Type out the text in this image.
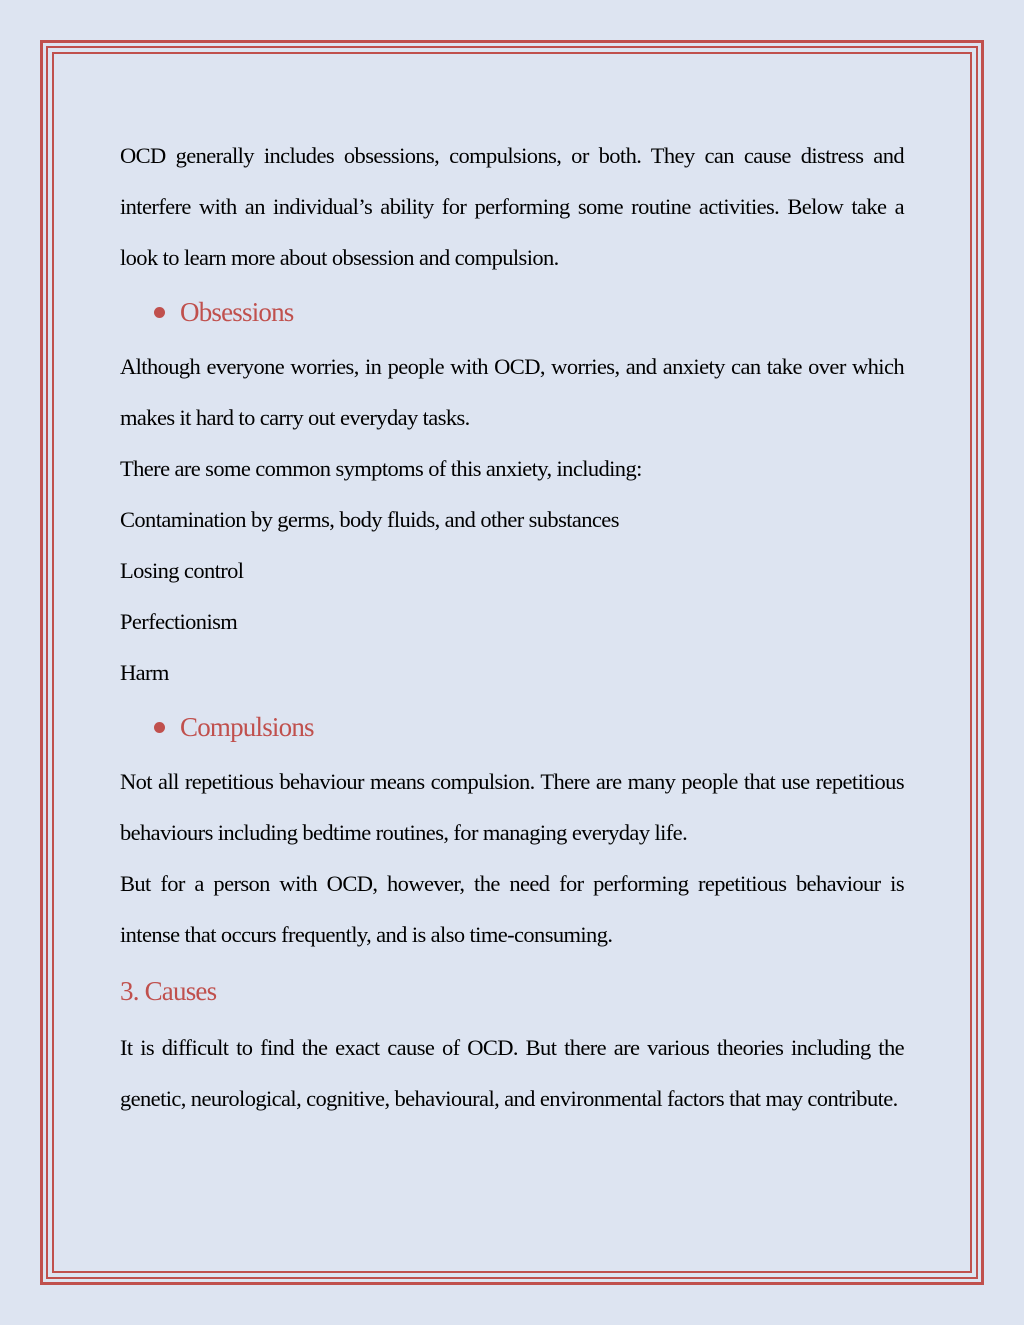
OCD generally includes obsessions, compulsions, or both. They can cause distress and interfere with an individual’s ability for performing some routine activities. Below take a look to learn more about obsession and compulsion.

Obsessions

Although everyone worries, in people with OCD, worries, and anxiety can take over which makes it hard to carry out everyday tasks.

There are some common symptoms of this anxiety, including:

Contamination by germs, body fluids, and other substances

Losing control

Perfectionism

Harm

Compulsions

Not all repetitious behaviour means compulsion. There are many people that use repetitious behaviours including bedtime routines, for managing everyday life.

But for a person with OCD, however, the need for performing repetitious behaviour is intense that occurs frequently, and is also time-consuming.

3. Causes

It is difficult to find the exact cause of OCD. But there are various theories including the genetic, neurological, cognitive, behavioural, and environmental factors that may contribute.
